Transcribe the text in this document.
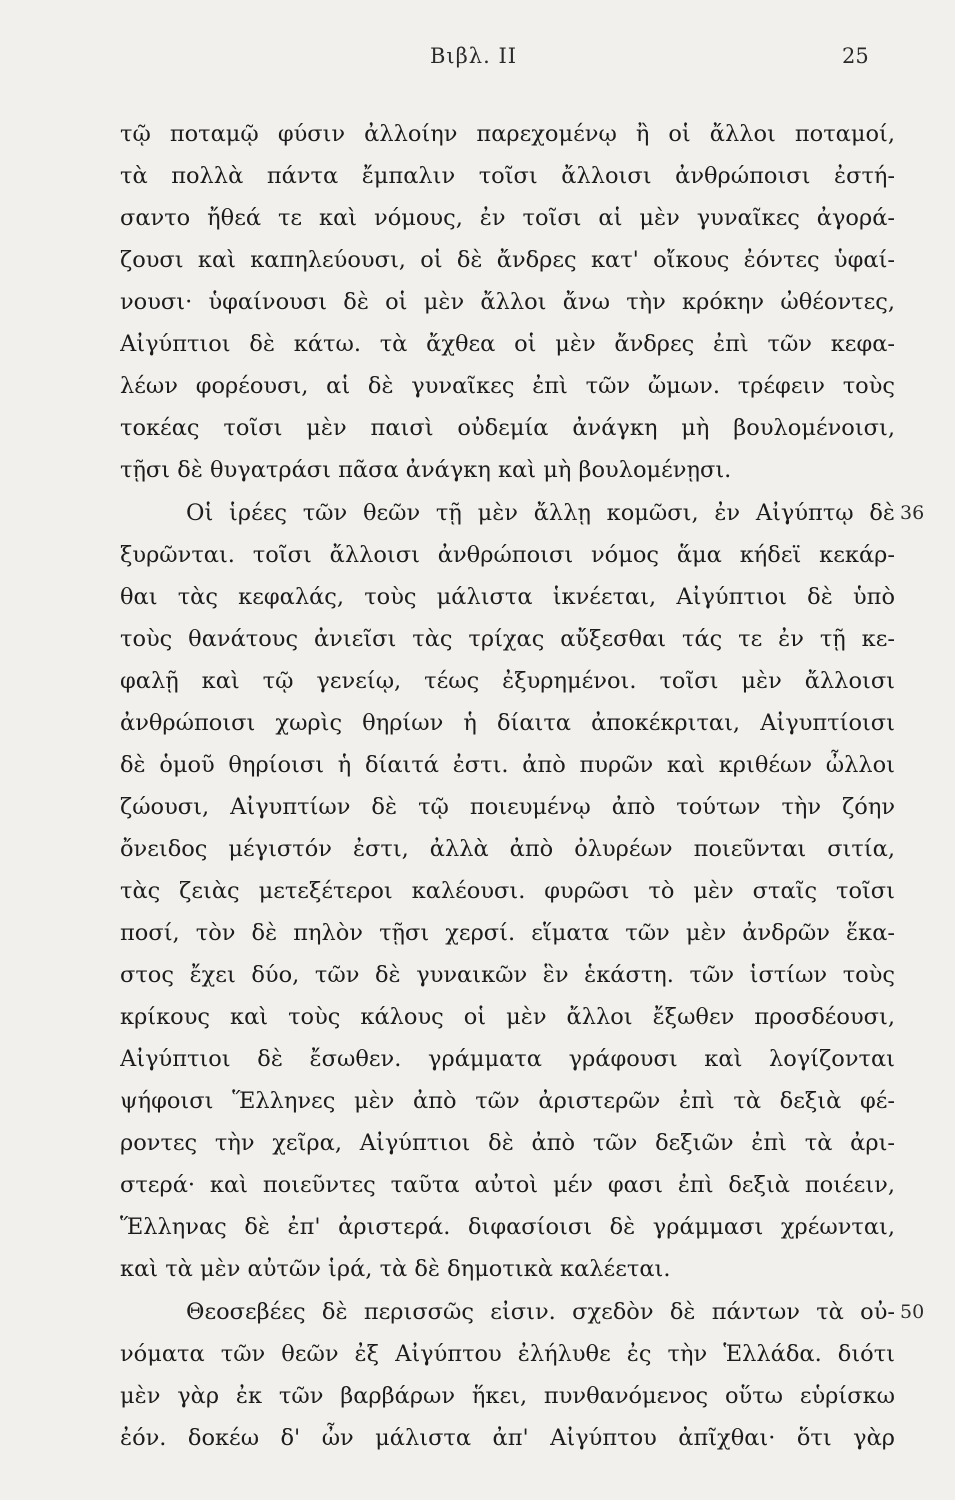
Βιβλ. ΙΙ	25
τῷ ποταμῷ φύσιν ἀλλοίην παρεχομένῳ ἢ οἱ ἄλλοι ποταμοί,
τὰ πολλὰ πάντα ἔμπαλιν τοῖσι ἄλλοισι ἀνθρώποισι ἐστή-
σαντο ἤθεά τε καὶ νόμους, ἐν τοῖσι αἱ μὲν γυναῖκες ἀγορά-
ζουσι καὶ καπηλεύουσι, οἱ δὲ ἄνδρες κατ' οἴκους ἐόντες ὑφαί-
νουσι· ὑφαίνουσι δὲ οἱ μὲν ἄλλοι ἄνω τὴν κρόκην ὠθέοντες,
Αἰγύπτιοι δὲ κάτω. τὰ ἄχθεα οἱ μὲν ἄνδρες ἐπὶ τῶν κεφα-
λέων φορέουσι, αἱ δὲ γυναῖκες ἐπὶ τῶν ὤμων. τρέφειν τοὺς
τοκέας τοῖσι μὲν παισὶ οὐδεμία ἀνάγκη μὴ βουλομένοισι,
τῇσι δὲ θυγατράσι πᾶσα ἀνάγκη καὶ μὴ βουλομένῃσι.
Οἱ ἱρέες τῶν θεῶν τῇ μὲν ἄλλῃ κομῶσι, ἐν Αἰγύπτῳ δὲ 36
ξυρῶνται. τοῖσι ἄλλοισι ἀνθρώποισι νόμος ἅμα κήδεϊ κεκάρ-
θαι τὰς κεφαλάς, τοὺς μάλιστα ἱκνέεται, Αἰγύπτιοι δὲ ὑπὸ
τοὺς θανάτους ἀνιεῖσι τὰς τρίχας αὔξεσθαι τάς τε ἐν τῇ κε-
φαλῇ καὶ τῷ γενείῳ, τέως ἐξυρημένοι. τοῖσι μὲν ἄλλοισι
ἀνθρώποισι χωρὶς θηρίων ἡ δίαιτα ἀποκέκριται, Αἰγυπτίοισι
δὲ ὁμοῦ θηρίοισι ἡ δίαιτά ἐστι. ἀπὸ πυρῶν καὶ κριθέων ὦλλοι
ζώουσι, Αἰγυπτίων δὲ τῷ ποιευμένῳ ἀπὸ τούτων τὴν ζόην
ὄνειδος μέγιστόν ἐστι, ἀλλὰ ἀπὸ ὀλυρέων ποιεῦνται σιτία,
τὰς ζειὰς μετεξέτεροι καλέουσι. φυρῶσι τὸ μὲν σταῖς τοῖσι
ποσί, τὸν δὲ πηλὸν τῇσι χερσί. εἵματα τῶν μὲν ἀνδρῶν ἕκα-
στος ἔχει δύο, τῶν δὲ γυναικῶν ἓν ἑκάστη. τῶν ἱστίων τοὺς
κρίκους καὶ τοὺς κάλους οἱ μὲν ἄλλοι ἔξωθεν προσδέουσι,
Αἰγύπτιοι δὲ ἔσωθεν. γράμματα γράφουσι καὶ λογίζονται
ψήφοισι Ἕλληνες μὲν ἀπὸ τῶν ἀριστερῶν ἐπὶ τὰ δεξιὰ φέ-
ροντες τὴν χεῖρα, Αἰγύπτιοι δὲ ἀπὸ τῶν δεξιῶν ἐπὶ τὰ ἀρι-
στερά· καὶ ποιεῦντες ταῦτα αὐτοὶ μέν φασι ἐπὶ δεξιὰ ποιέειν,
Ἕλληνας δὲ ἐπ' ἀριστερά. διφασίοισι δὲ γράμμασι χρέωνται,
καὶ τὰ μὲν αὐτῶν ἱρά, τὰ δὲ δημοτικὰ καλέεται.
Θεοσεβέες δὲ περισσῶς εἰσιν. σχεδὸν δὲ πάντων τὰ οὐ- 50
νόματα τῶν θεῶν ἐξ Αἰγύπτου ἐλήλυθε ἐς τὴν Ἑλλάδα. διότι
μὲν γὰρ ἐκ τῶν βαρβάρων ἥκει, πυνθανόμενος οὕτω εὑρίσκω
ἐόν. δοκέω δ' ὦν μάλιστα ἀπ' Αἰγύπτου ἀπῖχθαι· ὅτι γὰρ
